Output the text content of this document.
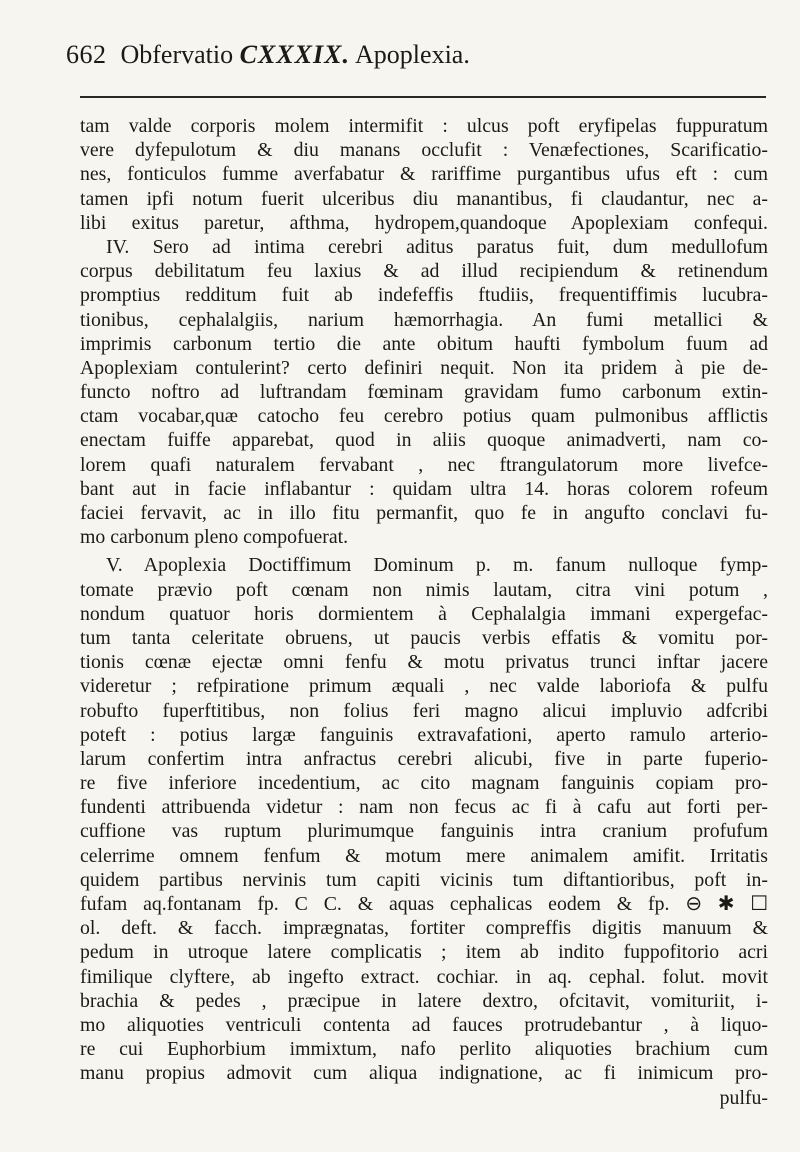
662 Obfervatio CXXXIX. Apoplexia.
tam valde corporis molem intermifit : ulcus poft eryfipelas fuppuratum
vere dyfepulotum & diu manans occlufit : Venæfectiones, Scarificatio-
nes, fonticulos fumme averfabatur & rariffime purgantibus ufus eft : cum
tamen ipfi notum fuerit ulceribus diu manantibus, fi claudantur, nec a-
libi exitus paretur, afthma, hydropem,quandoque Apoplexiam confequi.
IV. Sero ad intima cerebri aditus paratus fuit, dum medullofum
corpus debilitatum feu laxius & ad illud recipiendum & retinendum
promptius redditum fuit ab indefeffis ftudiis, frequentiffimis lucubra-
tionibus, cephalalgiis, narium hæmorrhagia. An fumi metallici &
imprimis carbonum tertio die ante obitum haufti fymbolum fuum ad
Apoplexiam contulerint? certo definiri nequit. Non ita pridem à pie de-
functo noftro ad luftrandam fœminam gravidam fumo carbonum extin-
ctam vocabar,quæ catocho feu cerebro potius quam pulmonibus afflictis
enectam fuiffe apparebat, quod in aliis quoque animadverti, nam co-
lorem quafi naturalem fervabant , nec ftrangulatorum more livefce-
bant aut in facie inflabantur : quidam ultra 14. horas colorem rofeum
faciei fervavit, ac in illo fitu permanfit, quo fe in angufto conclavi fu-
mo carbonum pleno compofuerat.
V. Apoplexia Doctiffimum Dominum p. m. fanum nulloque fymp-
tomate prævio poft cœnam non nimis lautam, citra vini potum ,
nondum quatuor horis dormientem à Cephalalgia immani expergefac-
tum tanta celeritate obruens, ut paucis verbis effatis & vomitu por-
tionis cœnæ ejectæ omni fenfu & motu privatus trunci inftar jacere
videretur ; refpiratione primum æquali , nec valde laboriofa & pulfu
robufto fuperftitibus, non folius feri magno alicui impluvio adfcribi
poteft : potius largæ fanguinis extravafationi, aperto ramulo arterio-
larum confertim intra anfractus cerebri alicubi, five in parte fuperio-
re five inferiore incedentium, ac cito magnam fanguinis copiam pro-
fundenti attribuenda videtur : nam non fecus ac fi à cafu aut forti per-
cuffione vas ruptum plurimumque fanguinis intra cranium profufum
celerrime omnem fenfum & motum mere animalem amifit. Irritatis
quidem partibus nervinis tum capiti vicinis tum diftantioribus, poft in-
fufam aq.fontanam fp. C C. & aquas cephalicas eodem & fp. ⊖ ✱ ☐
ol. deft. & facch. imprægnatas, fortiter compreffis digitis manuum &
pedum in utroque latere complicatis ; item ab indito fuppofitorio acri
fimilique clyftere, ab ingefto extract. cochiar. in aq. cephal. folut. movit
brachia & pedes , præcipue in latere dextro, ofcitavit, vomituriit, i-
mo aliquoties ventriculi contenta ad fauces protrudebantur , à liquo-
re cui Euphorbium immixtum, nafo perlito aliquoties brachium cum
manu propius admovit cum aliqua indignatione, ac fi inimicum pro-
pulfu-
